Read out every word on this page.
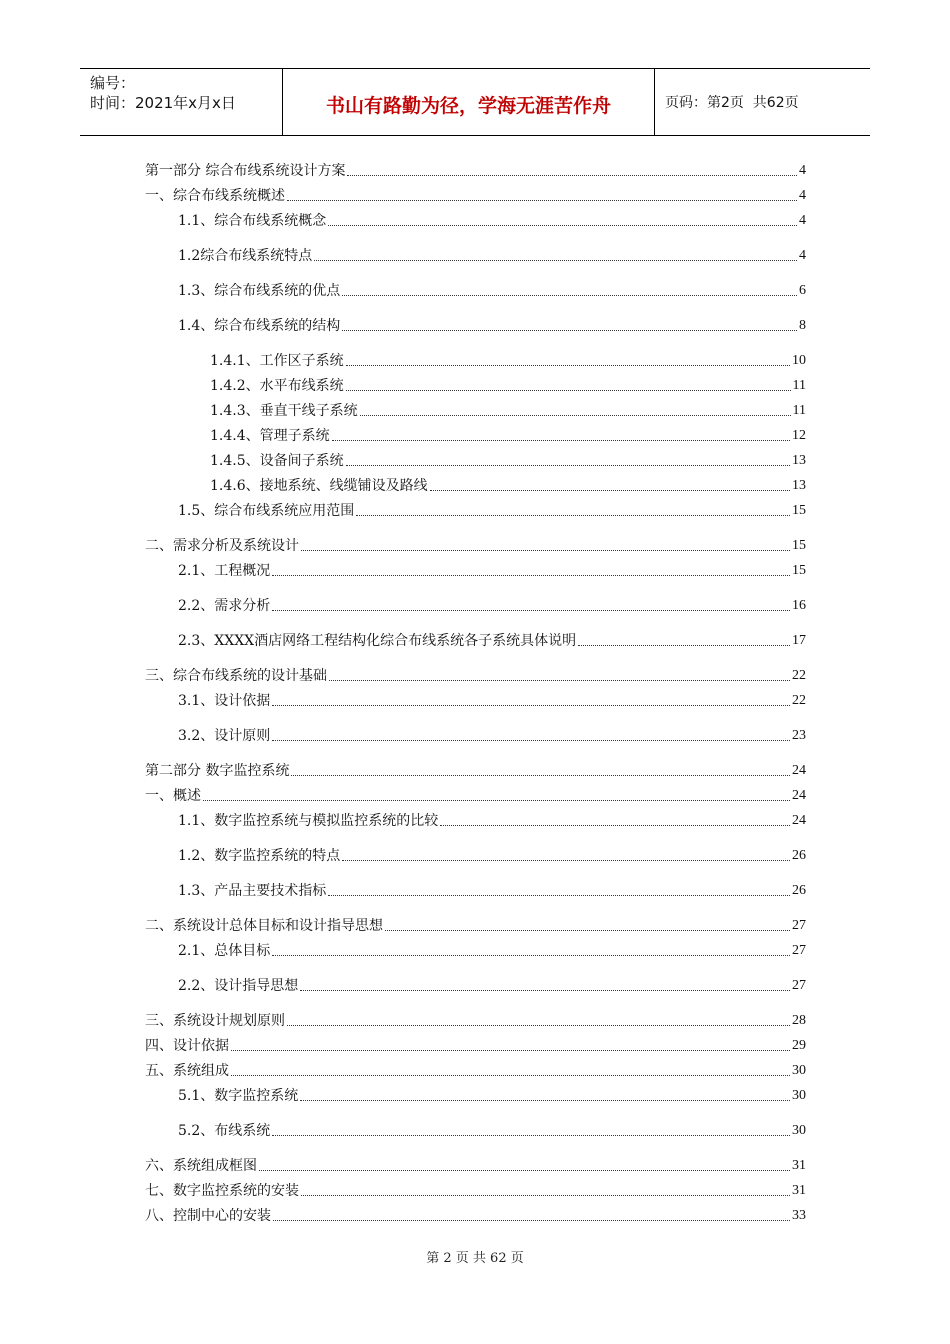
编号：
时间：2021年x月x日	书山有路勤为径，学海无涯苦作舟	页码：第2页  共62页
第一部分 综合布线系统设计方案	4
一、综合布线系统概述	4
1.1、综合布线系统概念	4
1.2综合布线系统特点	4
1.3、综合布线系统的优点	6
1.4、综合布线系统的结构	8
1.4.1、工作区子系统	10
1.4.2、水平布线系统	11
1.4.3、垂直干线子系统	11
1.4.4、管理子系统	12
1.4.5、设备间子系统	13
1.4.6、接地系统、线缆铺设及路线	13
1.5、综合布线系统应用范围	15
二、需求分析及系统设计	15
2.1、工程概况	15
2.2、需求分析	16
2.3、XXXX酒店网络工程结构化综合布线系统各子系统具体说明	17
三、综合布线系统的设计基础	22
3.1、设计依据	22
3.2、设计原则	23
第二部分 数字监控系统	24
一、概述	24
1.1、数字监控系统与模拟监控系统的比较	24
1.2、数字监控系统的特点	26
1.3、产品主要技术指标	26
二、系统设计总体目标和设计指导思想	27
2.1、总体目标	27
2.2、设计指导思想	27
三、系统设计规划原则	28
四、设计依据	29
五、系统组成	30
5.1、数字监控系统	30
5.2、布线系统	30
六、系统组成框图	31
七、数字监控系统的安装	31
八、控制中心的安装	33
第 2 页 共 62 页
